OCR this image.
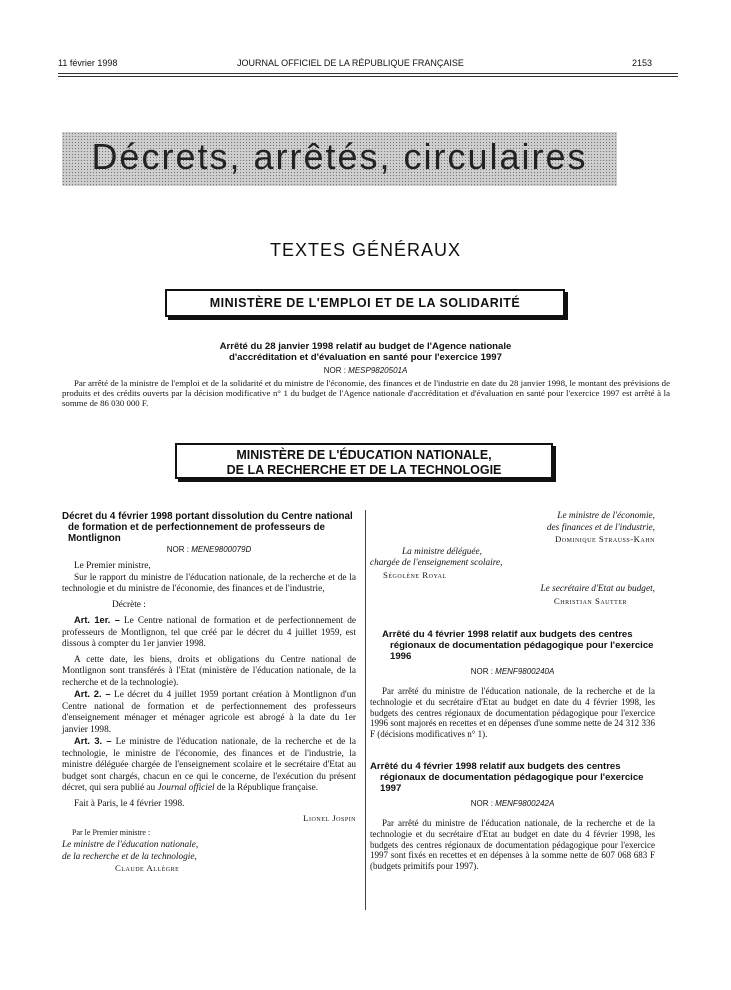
11 février 1998	JOURNAL OFFICIEL DE LA RÉPUBLIQUE FRANÇAISE	2153
Décrets, arrêtés, circulaires
TEXTES GÉNÉRAUX
MINISTÈRE DE L'EMPLOI ET DE LA SOLIDARITÉ
Arrêté du 28 janvier 1998 relatif au budget de l'Agence nationale
d'accréditation et d'évaluation en santé pour l'exercice 1997
NOR : MESP9820501A

Par arrêté de la ministre de l'emploi et de la solidarité et du ministre de l'économie, des finances et de l'industrie en date du 28 janvier 1998, le montant des prévisions de produits et des crédits ouverts par la décision modificative n° 1 du budget de l'Agence nationale d'accréditation et d'évaluation en santé pour l'exercice 1997 est arrêté à la somme de 86 030 000 F.

MINISTÈRE DE L'ÉDUCATION NATIONALE,
DE LA RECHERCHE ET DE LA TECHNOLOGIE
Décret du 4 février 1998 portant dissolution du Centre national de formation et de perfectionnement de professeurs de Montlignon
NOR : MENE9800079D

Le Premier ministre,

Sur le rapport du ministre de l'éducation nationale, de la recherche et de la technologie et du ministre de l'économie, des finances et de l'industrie,

Décrète :

Art. 1er. – Le Centre national de formation et de perfectionnement de professeurs de Montlignon, tel que créé par le décret du 4 juillet 1959, est dissous à compter du 1er janvier 1998.

A cette date, les biens, droits et obligations du Centre national de Montlignon sont transférés à l'Etat (ministère de l'éducation nationale, de la recherche et de la technologie).

Art. 2. – Le décret du 4 juillet 1959 portant création à Montlignon d'un Centre national de formation et de perfectionnement des professeurs d'enseignement ménager et ménager agricole est abrogé à la date du 1er janvier 1998.

Art. 3. – Le ministre de l'éducation nationale, de la recherche et de la technologie, le ministre de l'économie, des finances et de l'industrie, la ministre déléguée chargée de l'enseignement scolaire et le secrétaire d'Etat au budget sont chargés, chacun en ce qui le concerne, de l'exécution du présent décret, qui sera publié au Journal officiel de la République française.

Fait à Paris, le 4 février 1998.

Lionel Jospin
Par le Premier ministre :
Le ministre de l'éducation nationale,
de la recherche et de la technologie,
Claude Allègre
Le ministre de l'économie,
des finances et de l'industrie,
Dominique Strauss-Kahn
La ministre déléguée,
chargée de l'enseignement scolaire,
Ségolène Royal
Le secrétaire d'Etat au budget,
Christian Sautter
Arrêté du 4 février 1998 relatif aux budgets des centres régionaux de documentation pédagogique pour l'exercice 1996
NOR : MENF9800240A

Par arrêté du ministre de l'éducation nationale, de la recherche et de la technologie et du secrétaire d'Etat au budget en date du 4 février 1998, les budgets des centres régionaux de documentation pédagogique pour l'exercice 1996 sont majorés en recettes et en dépenses d'une somme nette de 24 312 336 F (décisions modificatives n° 1).

Arrêté du 4 février 1998 relatif aux budgets des centres régionaux de documentation pédagogique pour l'exercice 1997
NOR : MENF9800242A

Par arrêté du ministre de l'éducation nationale, de la recherche et de la technologie et du secrétaire d'Etat au budget en date du 4 février 1998, les budgets des centres régionaux de documentation pédagogique pour l'exercice 1997 sont fixés en recettes et en dépenses à la somme nette de 607 068 683 F (budgets primitifs pour 1997).
